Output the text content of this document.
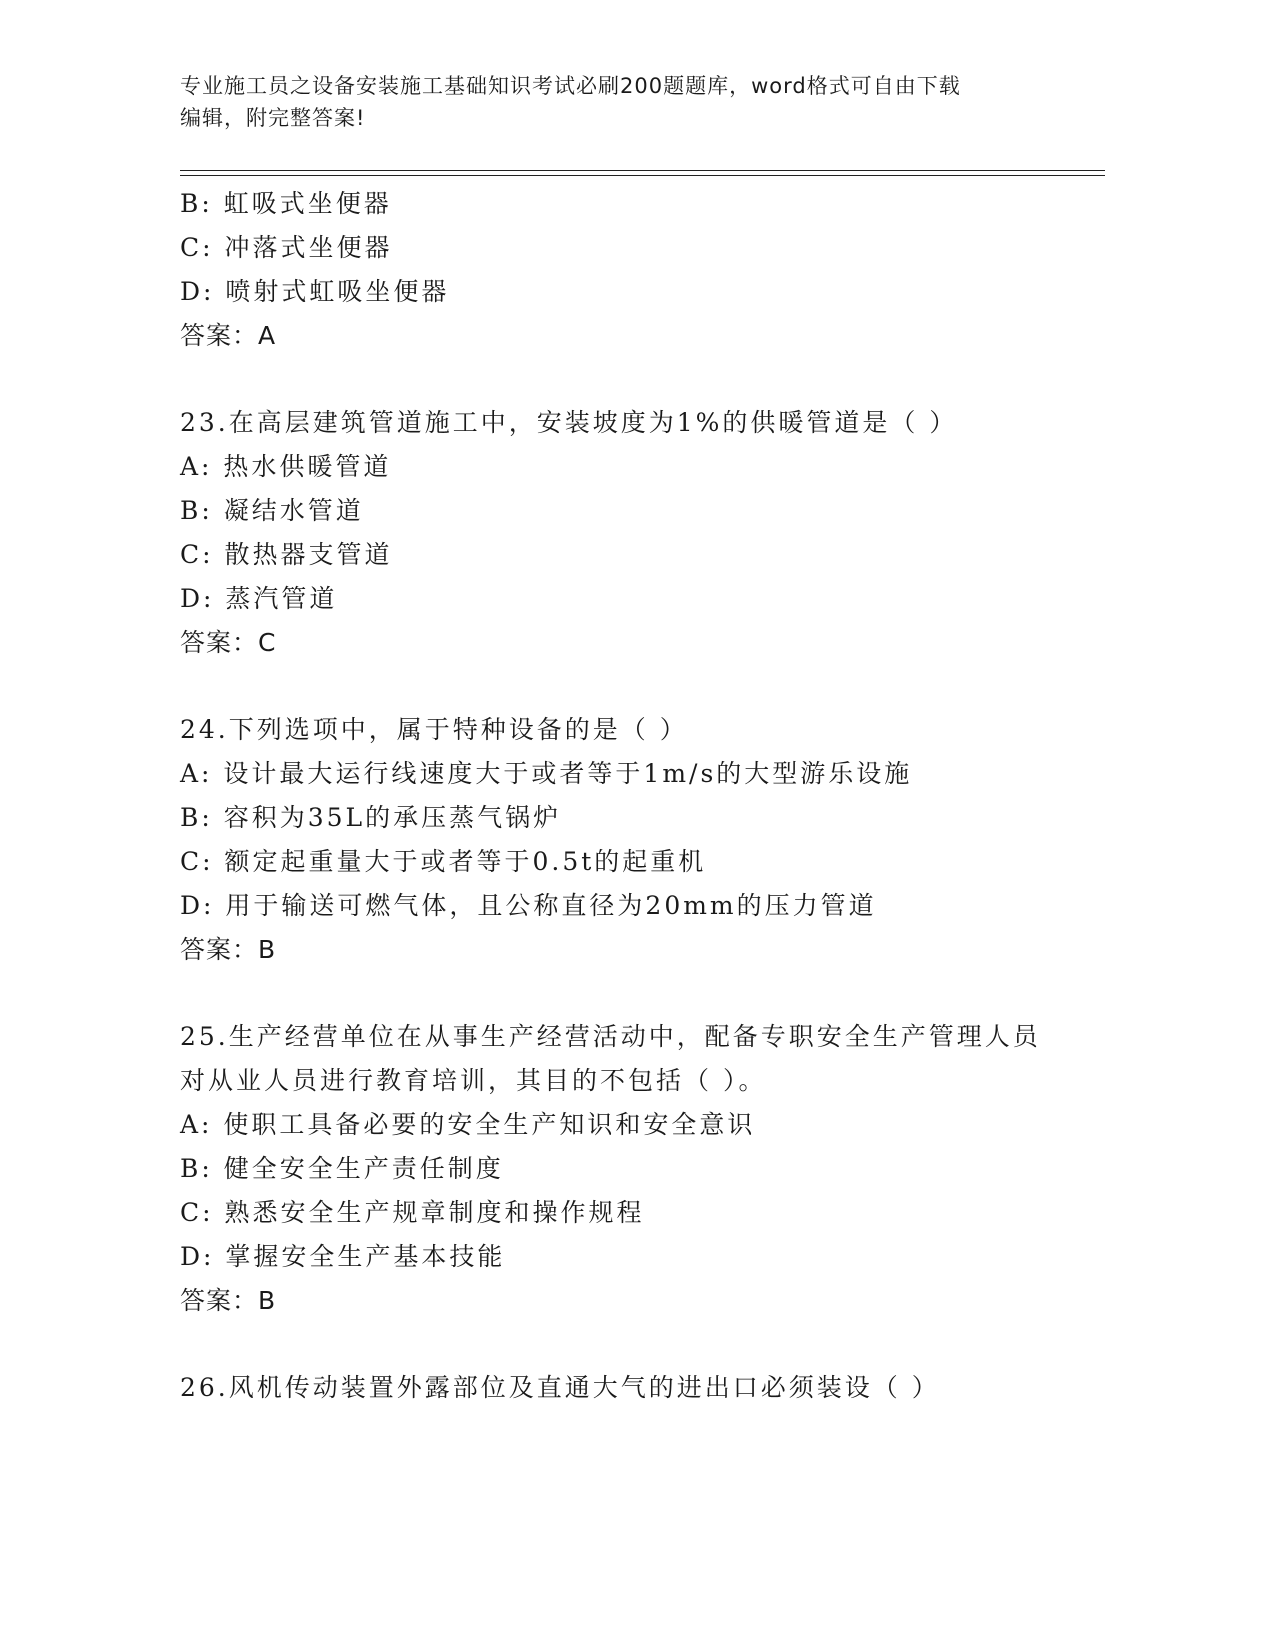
专业施工员之设备安装施工基础知识考试必刷200题题库，word格式可自由下载
编辑，附完整答案!
B: 虹吸式坐便器
C: 冲落式坐便器
D: 喷射式虹吸坐便器
答案：A
23.在高层建筑管道施工中，安装坡度为1%的供暖管道是（ ）
A: 热水供暖管道
B: 凝结水管道
C: 散热器支管道
D: 蒸汽管道
答案：C
24.下列选项中，属于特种设备的是（ ）
A: 设计最大运行线速度大于或者等于1m/s的大型游乐设施
B: 容积为35L的承压蒸气锅炉
C: 额定起重量大于或者等于0.5t的起重机
D: 用于输送可燃气体，且公称直径为20mm的压力管道
答案：B
25.生产经营单位在从事生产经营活动中，配备专职安全生产管理人员
对从业人员进行教育培训，其目的不包括（ ）。
A: 使职工具备必要的安全生产知识和安全意识
B: 健全安全生产责任制度
C: 熟悉安全生产规章制度和操作规程
D: 掌握安全生产基本技能
答案：B
26.风机传动装置外露部位及直通大气的进出口必须装设（ ）
